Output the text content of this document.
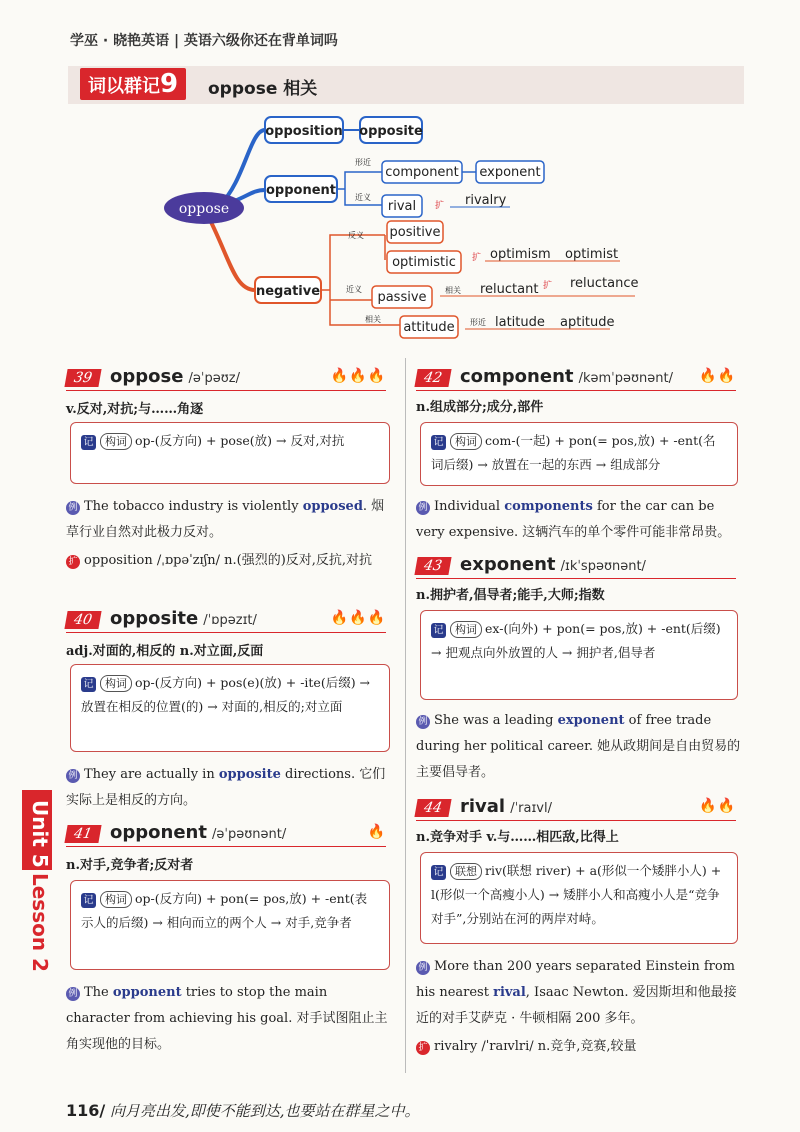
学巫 · 晓艳英语 | 英语六级你还在背单词吗
词以群记9	oppose 相关
oppose
opposition opposite
opponent
形近
近义
component exponent
rival 扩 rivalry
negative
反义
近义
相关
positive
optimistic 扩 optimism optimist
passive 相关 reluctant 扩 reluctance
attitude 形近 latitude aptitude
39 oppose /əˈpəʊz/	🔥🔥🔥
v.反对,对抗;与……角逐
记 构词 op-(反方向) + pose(放) → 反对,对抗
例 The tobacco industry is violently opposed. 烟草行业自然对此极力反对。
扩 opposition /ˌɒpəˈzɪʃn/ n.(强烈的)反对,反抗,对抗
40 opposite /ˈɒpəzɪt/	🔥🔥🔥
adj.对面的,相反的 n.对立面,反面
记 构词 op-(反方向) + pos(e)(放) + -ite(后缀) → 放置在相反的位置(的) → 对面的,相反的;对立面
例 They are actually in opposite directions. 它们实际上是相反的方向。
41 opponent /əˈpəʊnənt/	🔥
n.对手,竞争者;反对者
记 构词 op-(反方向) + pon(= pos,放) + -ent(表示人的后缀) → 相向而立的两个人 → 对手,竞争者
例 The opponent tries to stop the main character from achieving his goal. 对手试图阻止主角实现他的目标。
42 component /kəmˈpəʊnənt/ 🔥🔥
n.组成部分;成分,部件
记 构词 com-(一起) + pon(= pos,放) + -ent(名词后缀) → 放置在一起的东西 → 组成部分
例 Individual components for the car can be very expensive. 这辆汽车的单个零件可能非常昂贵。
43 exponent /ɪkˈspəʊnənt/
n.拥护者,倡导者;能手,大师;指数
记 构词 ex-(向外) + pon(= pos,放) + -ent(后缀) → 把观点向外放置的人 → 拥护者,倡导者
例 She was a leading exponent of free trade during her political career. 她从政期间是自由贸易的主要倡导者。
44 rival /ˈraɪvl/	🔥🔥
n.竞争对手 v.与……相匹敌,比得上
记 联想 riv(联想 river) + a(形似一个矮胖小人) + l(形似一个高瘦小人) → 矮胖小人和高瘦小人是“竞争对手”,分别站在河的两岸对峙。
例 More than 200 years separated Einstein from his nearest rival, Isaac Newton. 爱因斯坦和他最接近的对手艾萨克 · 牛顿相隔 200 多年。
扩 rivalry /ˈraɪvlri/ n.竞争,竞赛,较量
Unit 5
Lesson 2
116/ 向月亮出发,即使不能到达,也要站在群星之中。
